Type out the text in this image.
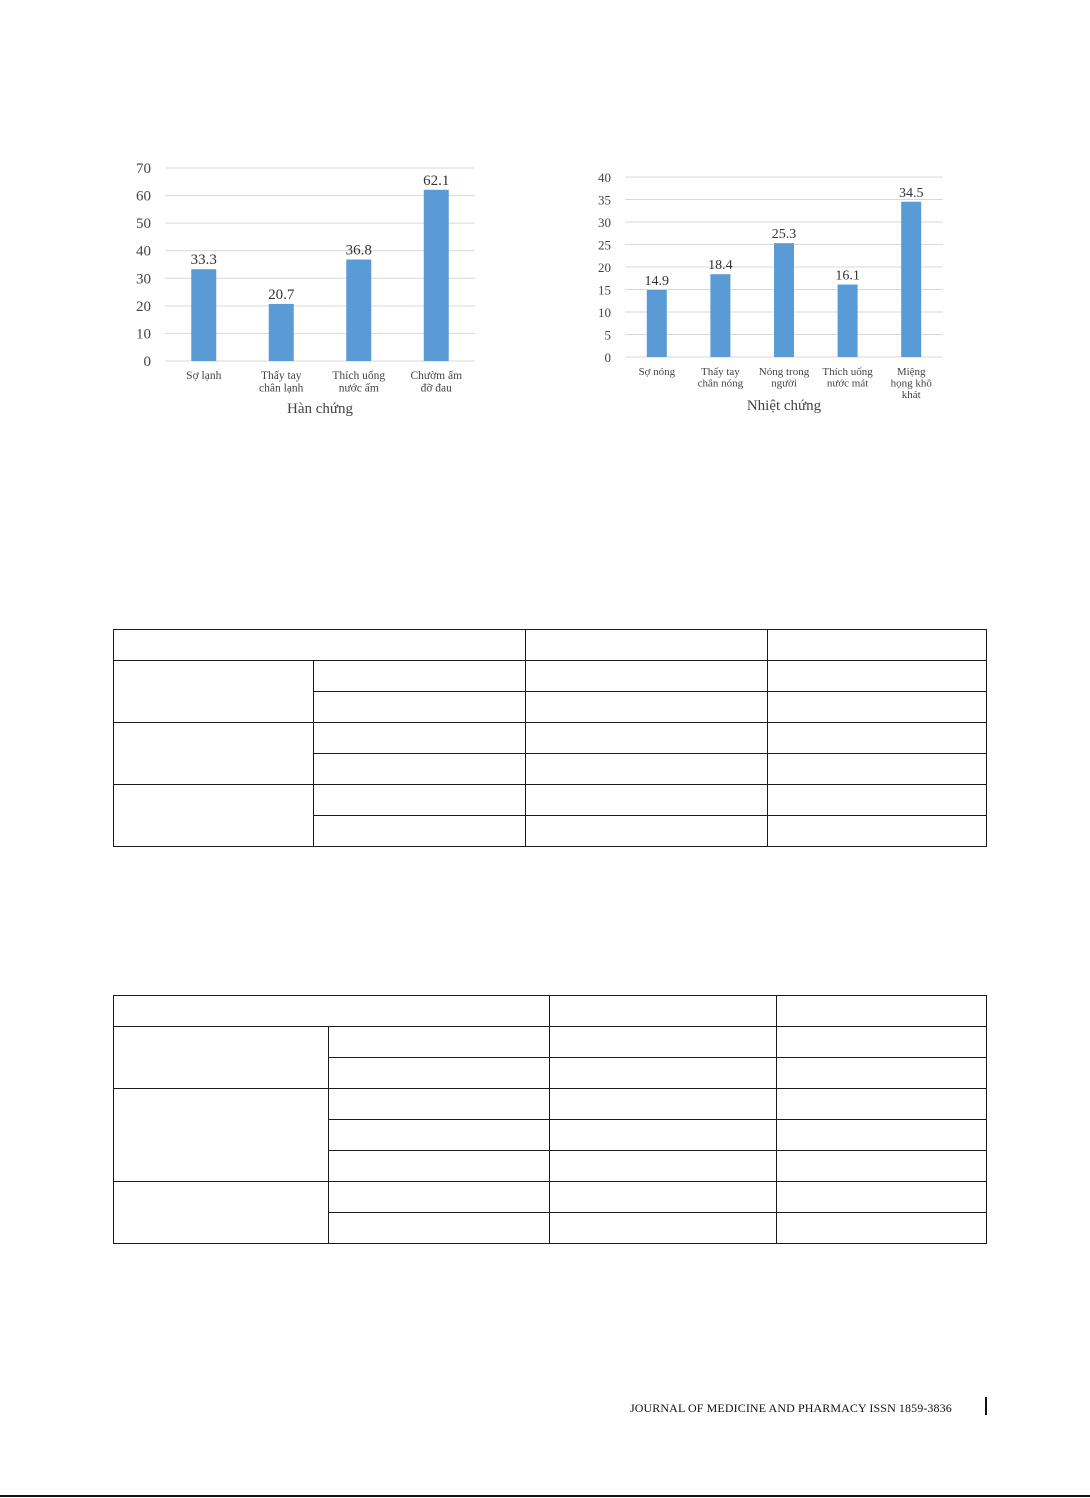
0
10
20
30
40
50
60
70
33.3
Sợ lạnh
20.7
Thấy tay chân lạnh
36.8
Thích uống nước ấm
62.1
Chườm ấm đỡ đau
Hàn chứng
0
5
10
15
20
25
30
35
40
14.9
Sợ nóng
18.4
Thấy tay chân nóng
25.3
Nóng trong người
16.1
Thích uống nước mát
34.5
Miệng họng khô khát
Nhiệt chứng

JOURNAL OF MEDICINE AND PHARMACY ISSN 1859-3836
